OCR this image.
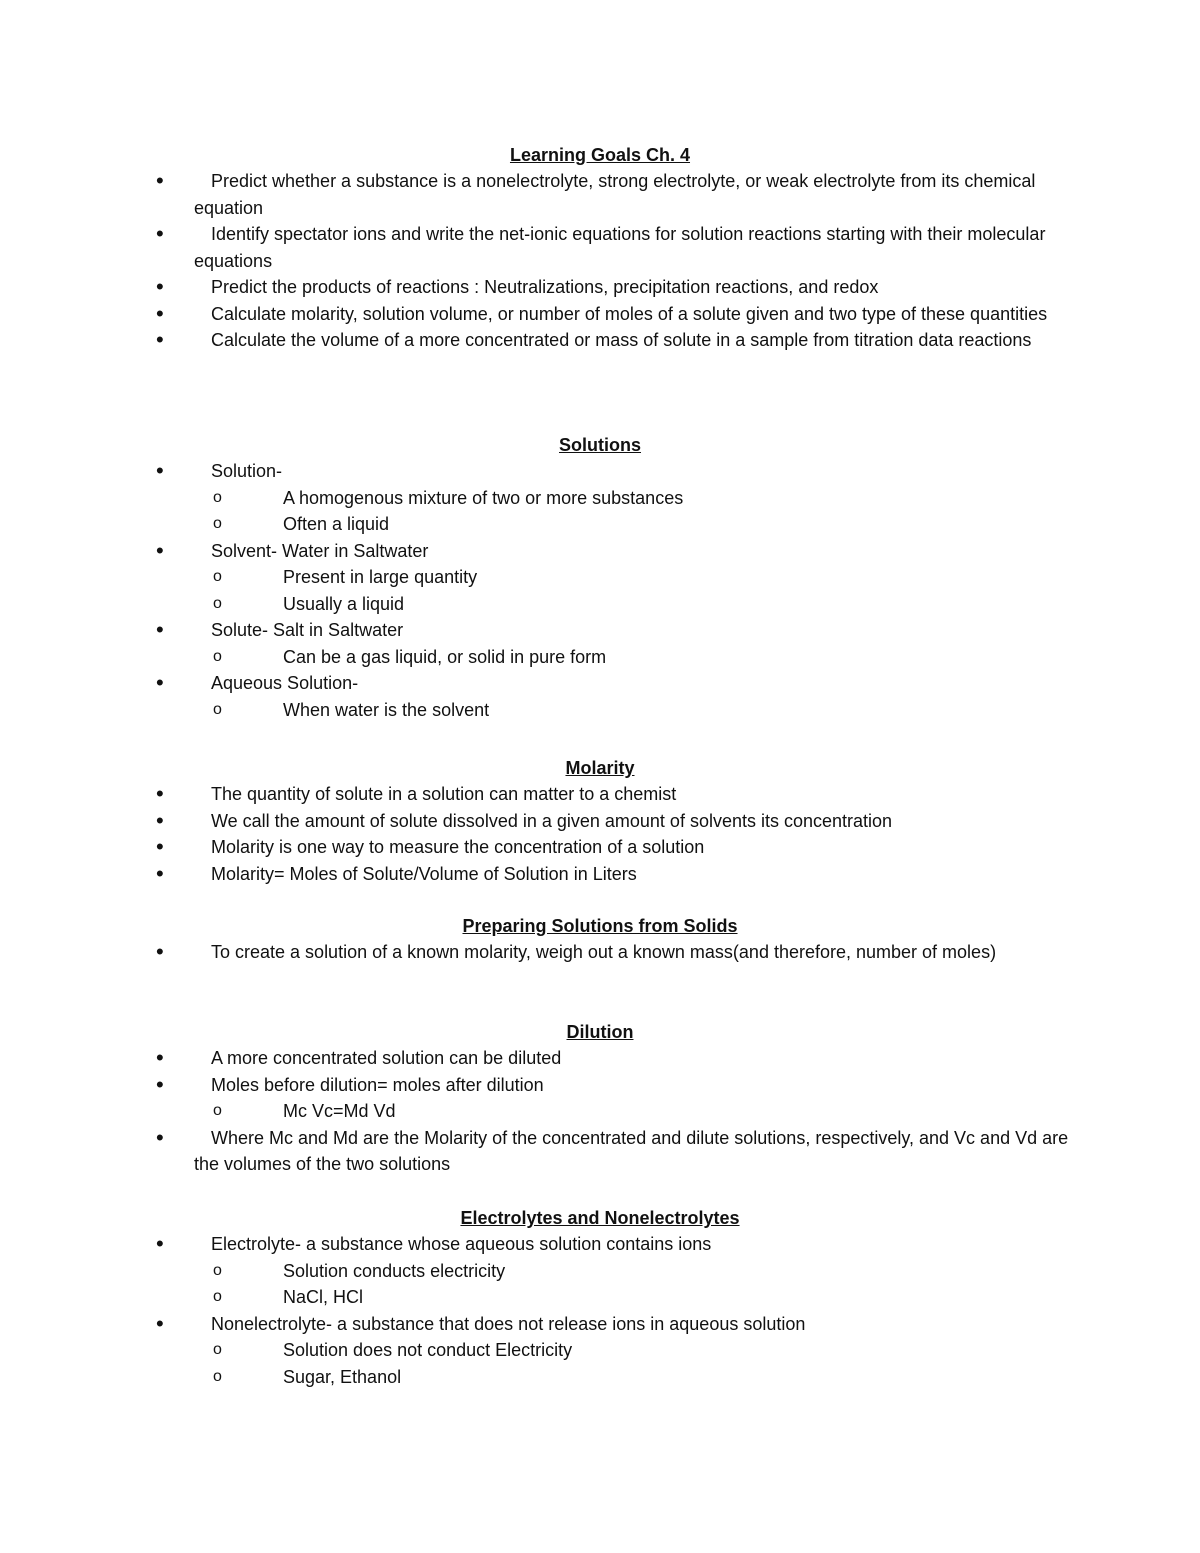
Learning Goals Ch. 4

• Predict whether a substance is a nonelectrolyte, strong electrolyte, or weak electrolyte from its chemical equation
• Identify spectator ions and write the net-ionic equations for solution reactions starting with their molecular equations
• Predict the products of reactions : Neutralizations, precipitation reactions, and redox
• Calculate molarity, solution volume, or number of moles of a solute given and two type of these quantities
• Calculate the volume of a more concentrated or mass of solute in a sample from titration data reactions

Solutions

• Solution-
o A homogenous mixture of two or more substances
o Often a liquid
• Solvent- Water in Saltwater
o Present in large quantity
o Usually a liquid
• Solute- Salt in Saltwater
o Can be a gas liquid, or solid in pure form
• Aqueous Solution-
o When water is the solvent

Molarity

• The quantity of solute in a solution can matter to a chemist
• We call the amount of solute dissolved in a given amount of solvents its concentration
• Molarity is one way to measure the concentration of a solution
• Molarity= Moles of Solute/Volume of Solution in Liters

Preparing Solutions from Solids

• To create a solution of a known molarity, weigh out a known mass(and therefore, number of moles)

Dilution

• A more concentrated solution can be diluted
• Moles before dilution= moles after dilution
o Mc Vc=Md Vd
• Where Mc and Md are the Molarity of the concentrated and dilute solutions, respectively, and Vc and Vd are the volumes of the two solutions

Electrolytes and Nonelectrolytes

• Electrolyte- a substance whose aqueous solution contains ions
o Solution conducts electricity
o NaCl, HCl
• Nonelectrolyte- a substance that does not release ions in aqueous solution
o Solution does not conduct Electricity
o Sugar, Ethanol
